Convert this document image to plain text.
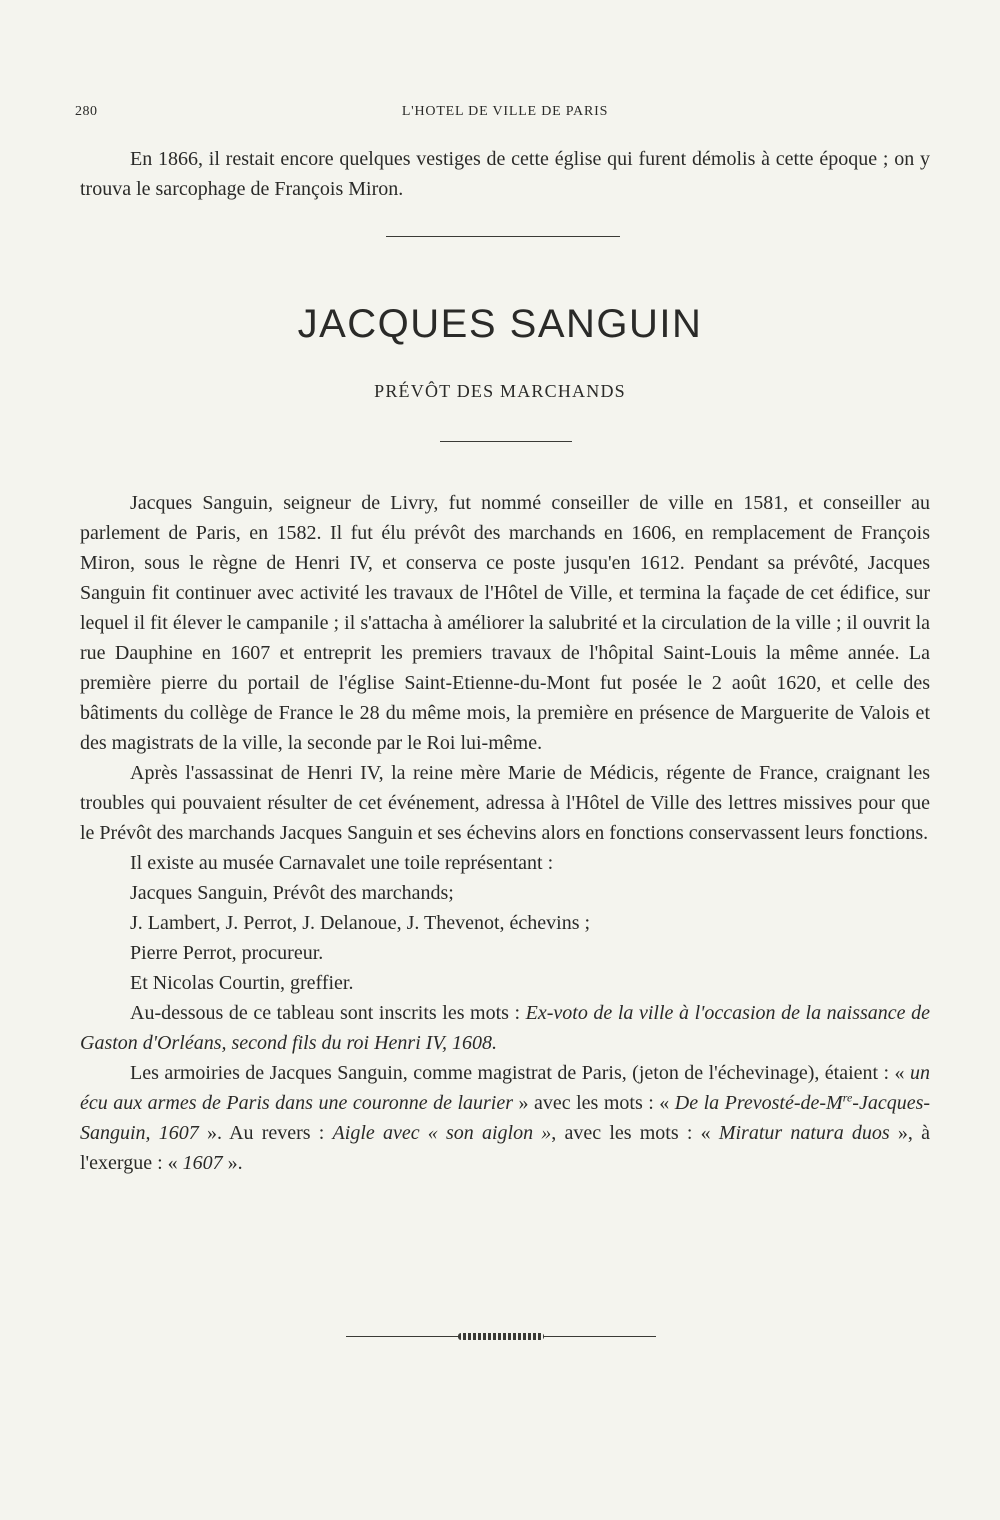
280	L'HOTEL DE VILLE DE PARIS

En 1866, il restait encore quelques vestiges de cette église qui furent démolis à cette époque ; on y trouva le sarcophage de François Miron.

JACQUES SANGUIN
PRÉVÔT DES MARCHANDS

Jacques Sanguin, seigneur de Livry, fut nommé conseiller de ville en 1581, et conseiller au parlement de Paris, en 1582. Il fut élu prévôt des marchands en 1606, en remplacement de François Miron, sous le règne de Henri IV, et conserva ce poste jusqu'en 1612. Pendant sa prévôté, Jacques Sanguin fit continuer avec activité les travaux de l'Hôtel de Ville, et termina la façade de cet édifice, sur lequel il fit élever le campanile ; il s'attacha à améliorer la salubrité et la circulation de la ville ; il ouvrit la rue Dauphine en 1607 et entreprit les premiers travaux de l'hôpital Saint-Louis la même année. La première pierre du portail de l'église Saint-Etienne-du-Mont fut posée le 2 août 1620, et celle des bâtiments du collège de France le 28 du même mois, la première en présence de Marguerite de Valois et des magistrats de la ville, la seconde par le Roi lui-même.

Après l'assassinat de Henri IV, la reine mère Marie de Médicis, régente de France, craignant les troubles qui pouvaient résulter de cet événement, adressa à l'Hôtel de Ville des lettres missives pour que le Prévôt des marchands Jacques Sanguin et ses échevins alors en fonctions conservassent leurs fonctions.

Il existe au musée Carnavalet une toile représentant :

Jacques Sanguin, Prévôt des marchands;

J. Lambert, J. Perrot, J. Delanoue, J. Thevenot, échevins ;

Pierre Perrot, procureur.

Et Nicolas Courtin, greffier.

Au-dessous de ce tableau sont inscrits les mots : Ex-voto de la ville à l'occasion de la naissance de Gaston d'Orléans, second fils du roi Henri IV, 1608.

Les armoiries de Jacques Sanguin, comme magistrat de Paris, (jeton de l'échevinage), étaient : « un écu aux armes de Paris dans une couronne de laurier » avec les mots : « De la Prevosté-de-Mre-Jacques-Sanguin, 1607 ». Au revers : Aigle avec « son aiglon », avec les mots : « Miratur natura duos », à l'exergue : « 1607 ».
